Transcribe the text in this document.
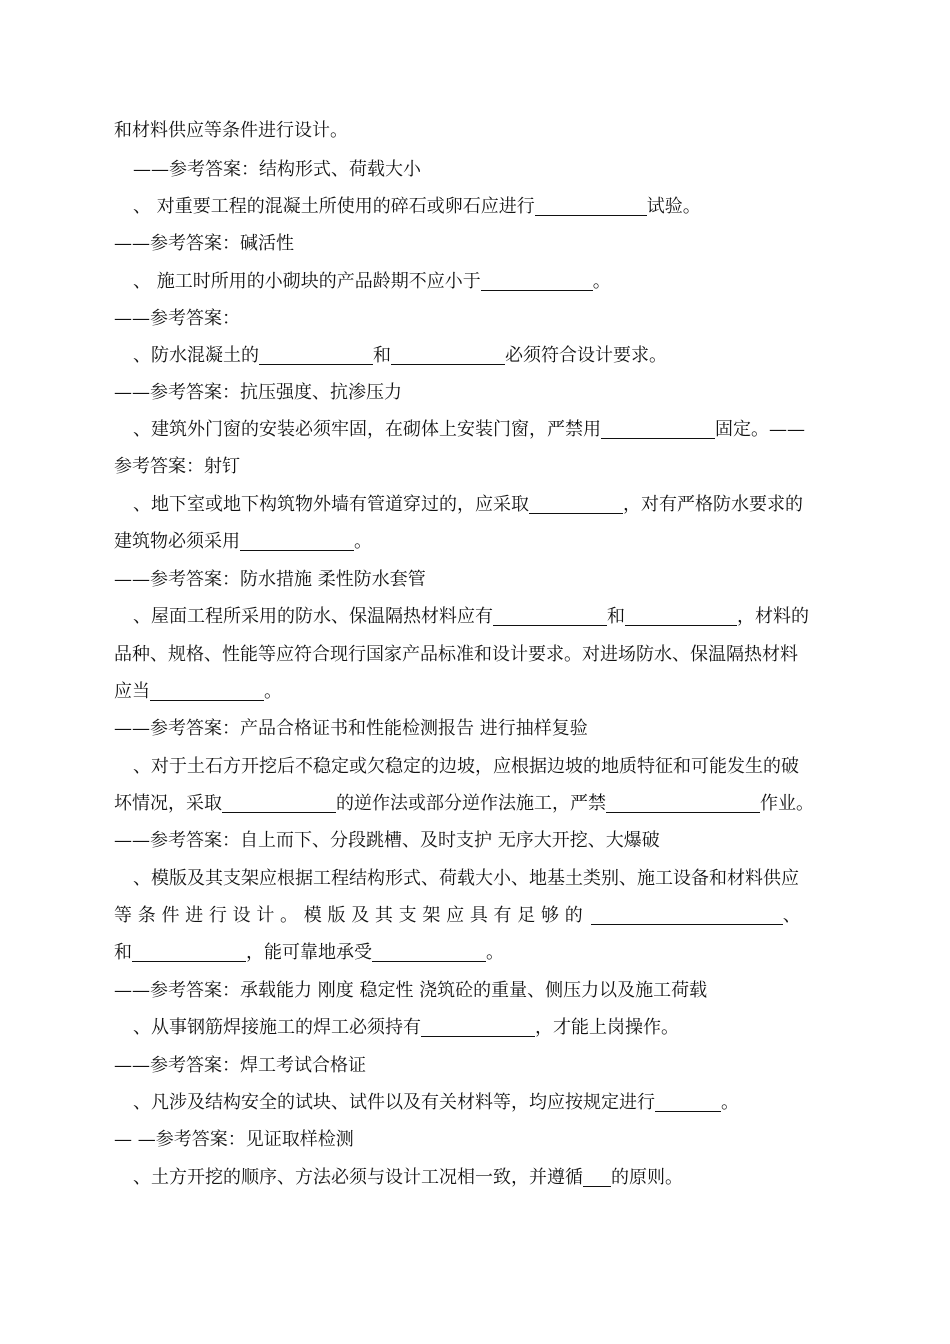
和材料供应等条件进行设计。
——参考答案：结构形式、荷载大小
、 对重要工程的混凝土所使用的碎石或卵石应进行	试验。
——参考答案：碱活性
、 施工时所用的小砌块的产品龄期不应小于	。
——参考答案：
、防水混凝土的	和	必须符合设计要求。
——参考答案：抗压强度、抗渗压力
、建筑外门窗的安装必须牢固，在砌体上安装门窗，严禁用	固定。——
参考答案：射钉
、地下室或地下构筑物外墙有管道穿过的，应采取	，对有严格防水要求的
建筑物必须采用	。
——参考答案：防水措施 柔性防水套管
、屋面工程所采用的防水、保温隔热材料应有	和	，材料的
品种、规格、性能等应符合现行国家产品标准和设计要求。对进场防水、保温隔热材料
应当	。
——参考答案：产品合格证书和性能检测报告 进行抽样复验
、对于土石方开挖后不稳定或欠稳定的边坡，应根据边坡的地质特征和可能发生的破
坏情况，采取	的逆作法或部分逆作法施工，严禁	作业。
——参考答案：自上而下、分段跳槽、及时支护 无序大开挖、大爆破
、模版及其支架应根据工程结构形式、荷载大小、地基土类别、施工设备和材料供应
等 条 件 进 行 设 计 。 模 版 及 其 支 架 应 具 有 足 够 的	、
和	，能可靠地承受	。
——参考答案：承载能力 刚度 稳定性 浇筑砼的重量、侧压力以及施工荷载
、从事钢筋焊接施工的焊工必须持有	，才能上岗操作。
——参考答案：焊工考试合格证
、凡涉及结构安全的试块、试件以及有关材料等，均应按规定进行	。
— —参考答案：见证取样检测
、土方开挖的顺序、方法必须与设计工况相一致，并遵循 的原则。
